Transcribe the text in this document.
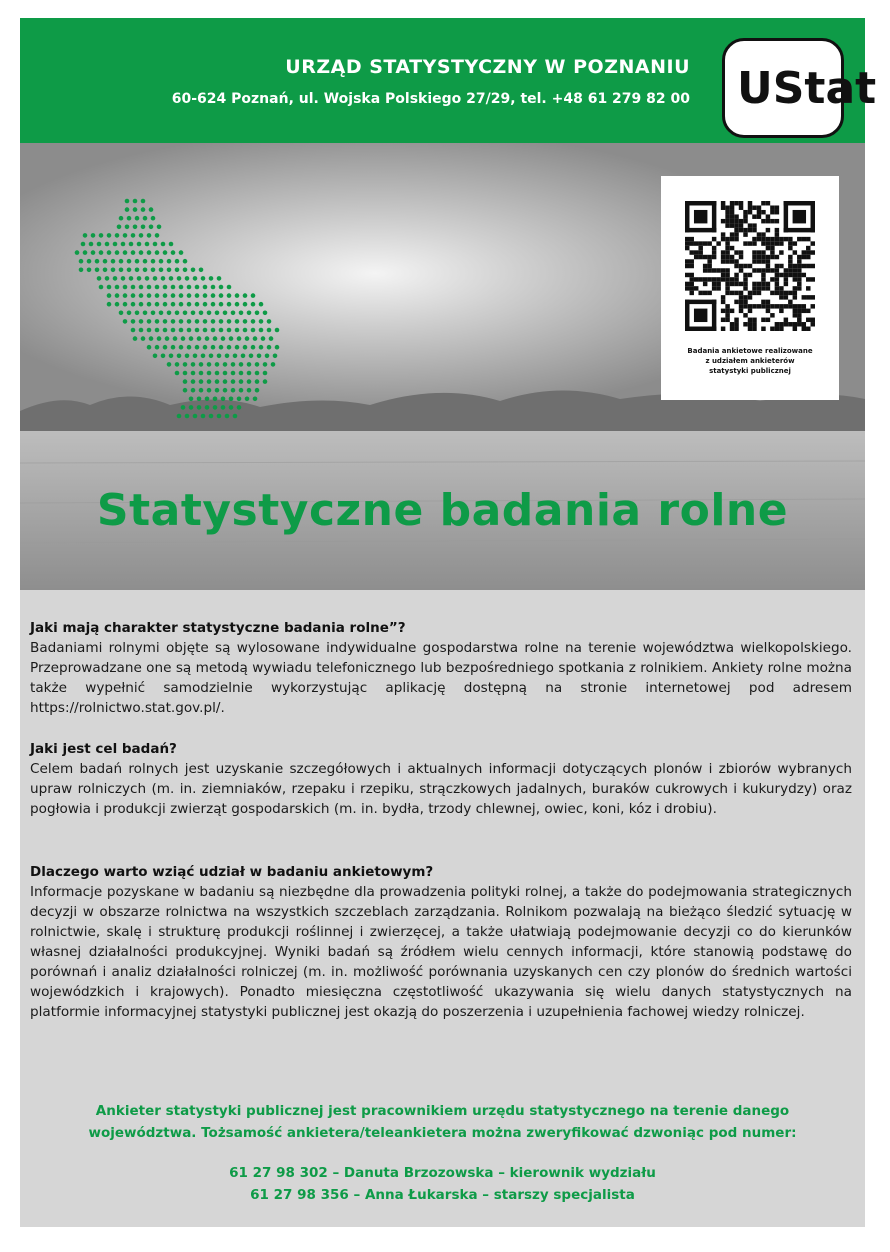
URZĄD STATYSTYCZNY W POZNANIU
60-624 Poznań, ul. Wojska Polskiego 27/29, tel. +48 61 279 82 00 UStat
Badania ankietowe realizowane
z udziałem ankieterów
statystyki publicznej
Statystyczne badania rolne

Jaki mają charakter statystyczne badania rolne”?

Badaniami rolnymi objęte są wylosowane indywidualne gospodarstwa rolne na terenie województwa wielkopolskiego. Przeprowadzane one są metodą wywiadu telefonicznego lub bezpośredniego spotkania z rolnikiem. Ankiety rolne można także wypełnić samodzielnie wykorzystując aplikację dostępną na stronie internetowej pod adresem https://rolnictwo.stat.gov.pl/.

Jaki jest cel badań?

Celem badań rolnych jest uzyskanie szczegółowych i aktualnych informacji dotyczących plonów i zbiorów wybranych upraw rolniczych (m. in. ziemniaków, rzepaku i rzepiku, strączkowych jadalnych, buraków cukrowych i kukurydzy) oraz pogłowia i produkcji zwierząt gospodarskich (m. in. bydła, trzody chlewnej, owiec, koni, kóz i drobiu).

Dlaczego warto wziąć udział w badaniu ankietowym?

Informacje pozyskane w badaniu są niezbędne dla prowadzenia polityki rolnej, a także do podejmowania strategicznych decyzji w obszarze rolnictwa na wszystkich szczeblach zarządzania. Rolnikom pozwalają na bieżąco śledzić sytuację w rolnictwie, skalę i strukturę produkcji roślinnej i zwierzęcej, a także ułatwiają podejmowanie decyzji co do kierunków własnej działalności produkcyjnej. Wyniki badań są źródłem wielu cennych informacji, które stanowią podstawę do porównań i analiz działalności rolniczej (m. in. możliwość porównania uzyskanych cen czy plonów do średnich wartości wojewódzkich i krajowych). Ponadto miesięczna częstotliwość ukazywania się wielu danych statystycznych na platformie informacyjnej statystyki publicznej jest okazją do poszerzenia i uzupełnienia fachowej wiedzy rolniczej.

Ankieter statystyki publicznej jest pracownikiem urzędu statystycznego na terenie danego
województwa. Tożsamość ankietera/teleankietera można zweryfikować dzwoniąc pod numer:
61 27 98 302 – Danuta Brzozowska – kierownik wydziału
61 27 98 356 – Anna Łukarska – starszy specjalista
